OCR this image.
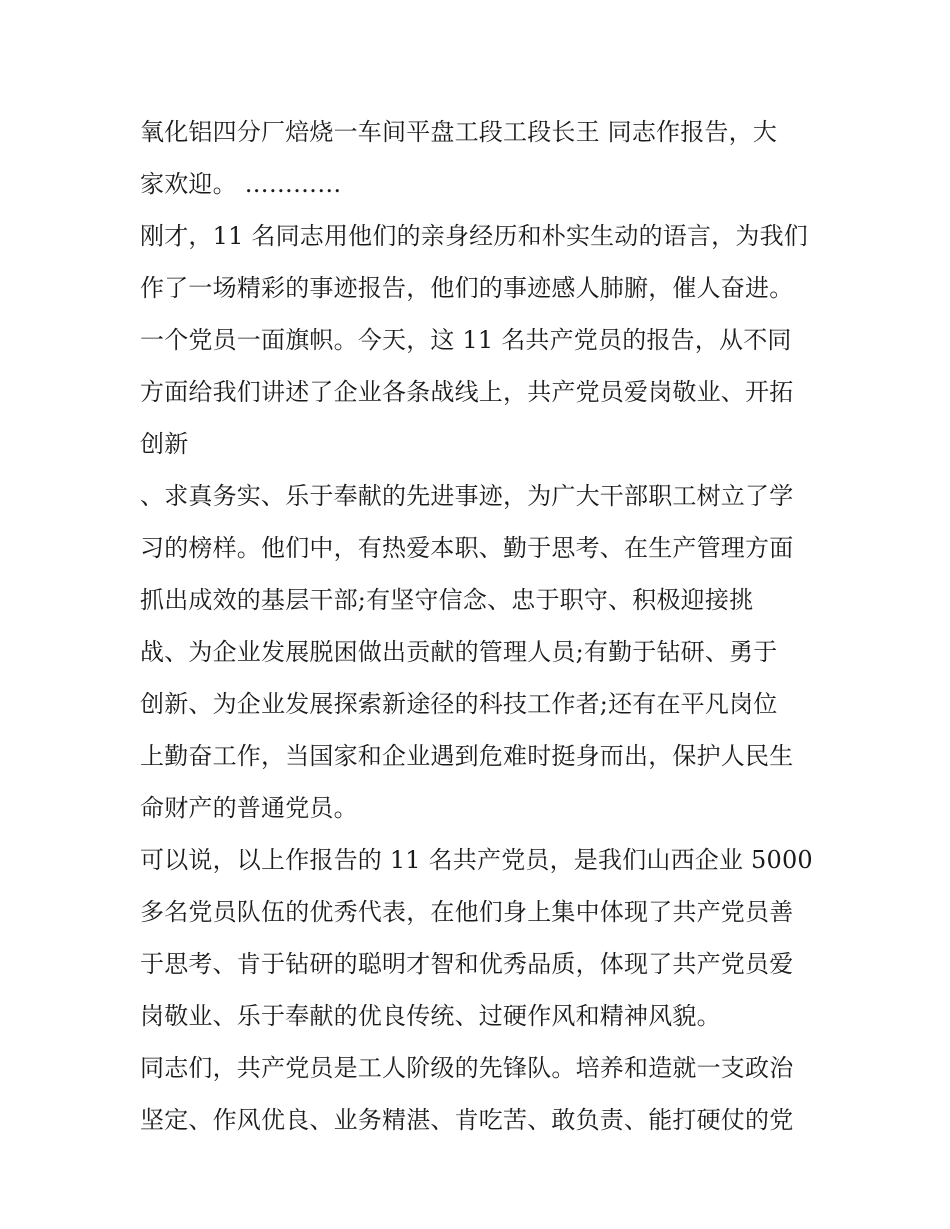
氧化铝四分厂焙烧一车间平盘工段工段长王 同志作报告，大
家欢迎。 …………
刚才，11 名同志用他们的亲身经历和朴实生动的语言，为我们
作了一场精彩的事迹报告，他们的事迹感人肺腑，催人奋进。
一个党员一面旗帜。今天，这 11 名共产党员的报告，从不同
方面给我们讲述了企业各条战线上，共产党员爱岗敬业、开拓
创新
、求真务实、乐于奉献的先进事迹，为广大干部职工树立了学
习的榜样。他们中，有热爱本职、勤于思考、在生产管理方面
抓出成效的基层干部;有坚守信念、忠于职守、积极迎接挑
战、为企业发展脱困做出贡献的管理人员;有勤于钻研、勇于
创新、为企业发展探索新途径的科技工作者;还有在平凡岗位
上勤奋工作，当国家和企业遇到危难时挺身而出，保护人民生
命财产的普通党员。
可以说，以上作报告的 11 名共产党员，是我们山西企业 5000
多名党员队伍的优秀代表，在他们身上集中体现了共产党员善
于思考、肯于钻研的聪明才智和优秀品质，体现了共产党员爱
岗敬业、乐于奉献的优良传统、过硬作风和精神风貌。
同志们，共产党员是工人阶级的先锋队。培养和造就一支政治
坚定、作风优良、业务精湛、肯吃苦、敢负责、能打硬仗的党
